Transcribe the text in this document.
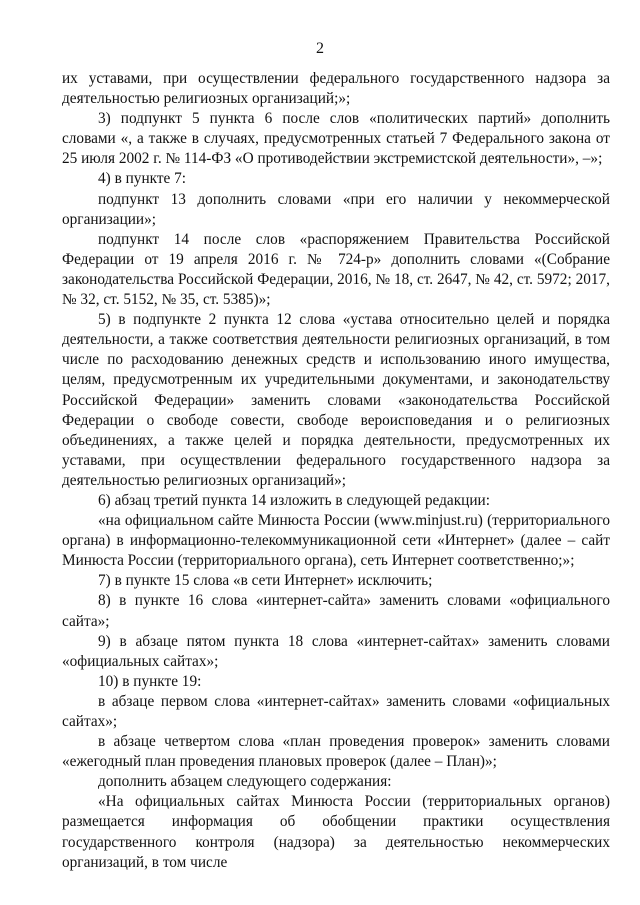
2

их уставами, при осуществлении федерального государственного надзора за деятельностью религиозных организаций;»;

3) подпункт 5 пункта 6 после слов «политических партий» дополнить словами «, а также в случаях, предусмотренных статьей 7 Федерального закона от 25 июля 2002 г. № 114-ФЗ «О противодействии экстремистской деятельности», –»;

4) в пункте 7:

подпункт 13 дополнить словами «при его наличии у некоммерческой организации»;

подпункт 14 после слов «распоряжением Правительства Российской Федерации от 19 апреля 2016 г. № 724-р» дополнить словами «(Собрание законодательства Российской Федерации, 2016, № 18, ст. 2647, № 42, ст. 5972; 2017, № 32, ст. 5152, № 35, ст. 5385)»;

5) в подпункте 2 пункта 12 слова «устава относительно целей и порядка деятельности, а также соответствия деятельности религиозных организаций, в том числе по расходованию денежных средств и использованию иного имущества, целям, предусмотренным их учредительными документами, и законодательству Российской Федерации» заменить словами «законодательства Российской Федерации о свободе совести, свободе вероисповедания и о религиозных объединениях, а также целей и порядка деятельности, предусмотренных их уставами, при осуществлении федерального государственного надзора за деятельностью религиозных организаций»;

6) абзац третий пункта 14 изложить в следующей редакции:

«на официальном сайте Минюста России (www.minjust.ru) (территориального органа) в информационно-телекоммуникационной сети «Интернет» (далее – сайт Минюста России (территориального органа), сеть Интернет соответственно;»;

7) в пункте 15 слова «в сети Интернет» исключить;

8) в пункте 16 слова «интернет-сайта» заменить словами «официального сайта»;

9) в абзаце пятом пункта 18 слова «интернет-сайтах» заменить словами «официальных сайтах»;

10) в пункте 19:

в абзаце первом слова «интернет-сайтах» заменить словами «официальных сайтах»;

в абзаце четвертом слова «план проведения проверок» заменить словами «ежегодный план проведения плановых проверок (далее – План)»;

дополнить абзацем следующего содержания:

«На официальных сайтах Минюста России (территориальных органов) размещается информация об обобщении практики осуществления государственного контроля (надзора) за деятельностью некоммерческих организаций, в том числе
